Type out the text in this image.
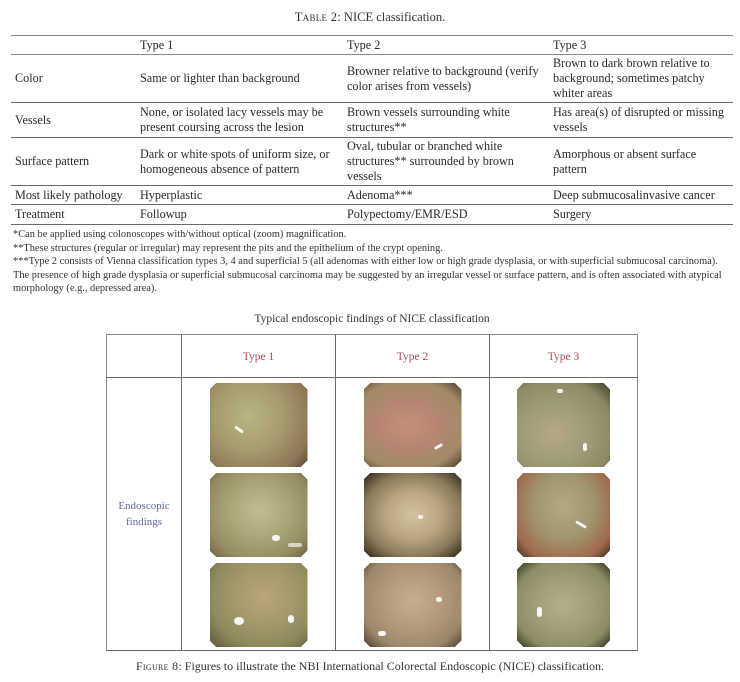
Table 2: NICE classification.
	Type 1	Type 2	Type 3
Color	Same or lighter than background	Browner relative to background (verify color arises from vessels)	Brown to dark brown relative to background; sometimes patchy whiter areas
Vessels	None, or isolated lacy vessels may be present coursing across the lesion	Brown vessels surrounding white structures**	Has area(s) of disrupted or missing vessels
Surface pattern	Dark or white spots of uniform size, or homogeneous absence of pattern	Oval, tubular or branched white structures** surrounded by brown vessels	Amorphous or absent surface pattern
Most likely pathology	Hyperplastic	Adenoma***	Deep submucosalinvasive cancer
Treatment	Followup	Polypectomy/EMR/ESD	Surgery

*Can be applied using colonoscopes with/without optical (zoom) magnification.

**These structures (regular or irregular) may represent the pits and the epithelium of the crypt opening.

***Type 2 consists of Vienna classification types 3, 4 and superficial 5 (all adenomas with either low or high grade dysplasia, or with superficial submucosal carcinoma). The presence of high grade dysplasia or superficial submucosal carcinoma may be suggested by an irregular vessel or surface pattern, and is often associated with atypical morphology (e.g., depressed area).

Typical endoscopic findings of NICE classification
	Type 1	Type 2	Type 3

Endoscopic
findings			

Figure 8: Figures to illustrate the NBI International Colorectal Endoscopic (NICE) classification.
